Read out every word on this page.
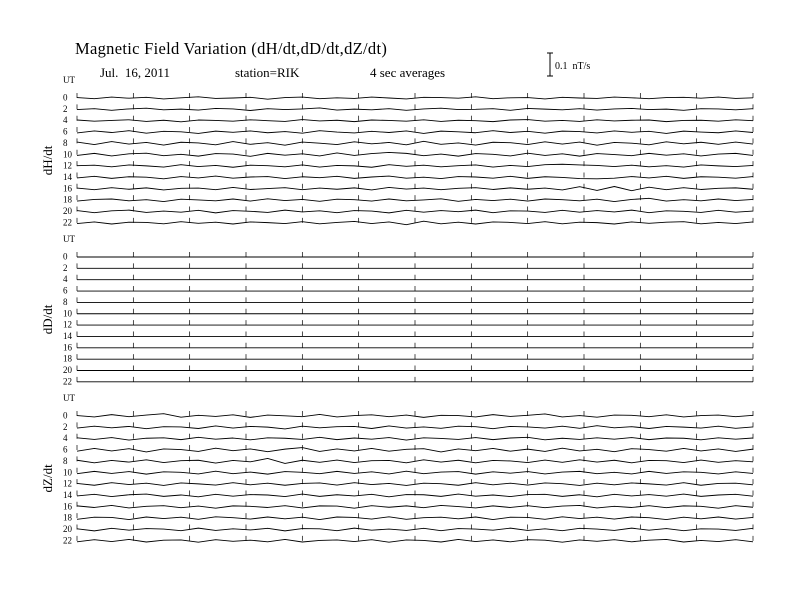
Magnetic Field Variation (dH/dt,dD/dt,dZ/dt)
Jul.  16, 2011	station=RIK	4 sec averages	0.1  nT/s
UT
dH/dt
0
2
4
6
8
10
12
14
16
18
20
22
UT
dD/dt
0
2
4
6
8
10
12
14
16
18
20
22
UT
dZ/dt
0
2
4
6
8
10
12
14
16
18
20
22
